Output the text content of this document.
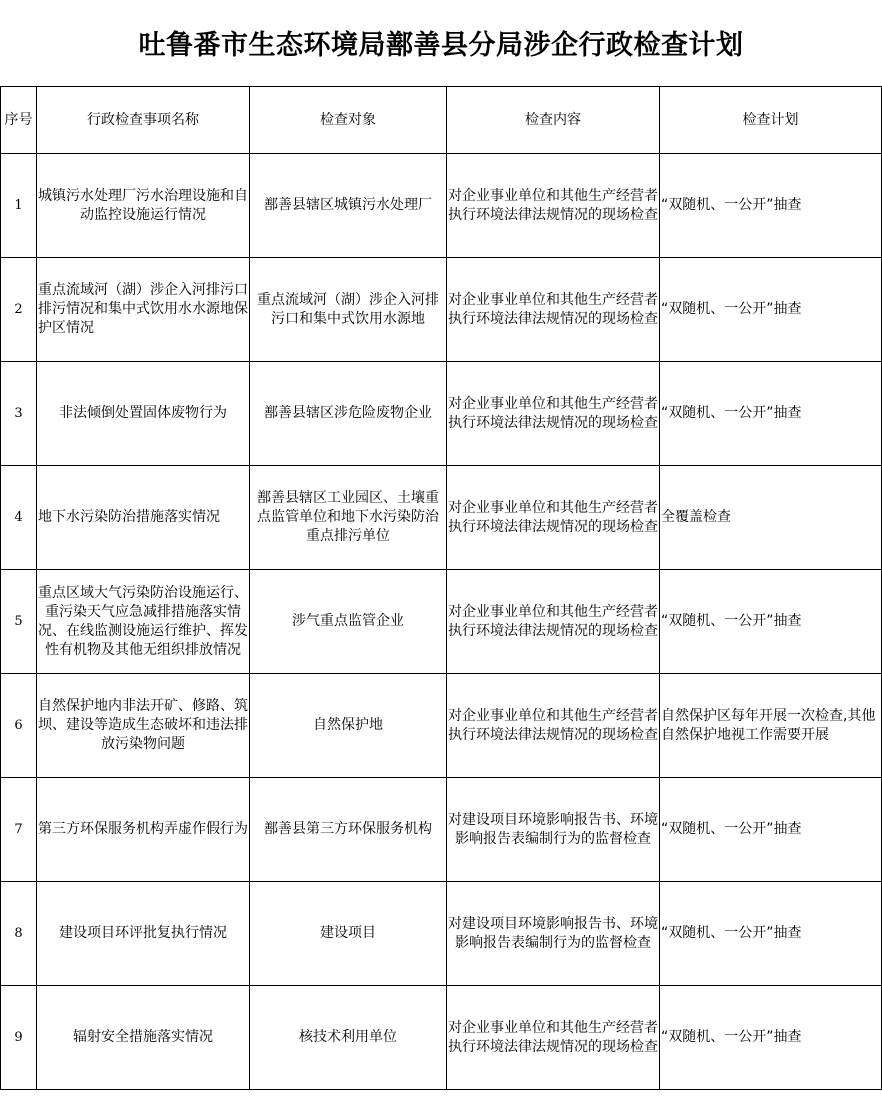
吐鲁番市生态环境局鄯善县分局涉企行政检查计划
序号	行政检查事项名称	检查对象	检查内容	检查计划
1	城镇污水处理厂污水治理设施和自动监控设施运行情况	鄯善县辖区城镇污水处理厂	对企业事业单位和其他生产经营者执行环境法律法规情况的现场检查	“双随机、一公开”抽查
2	重点流域河（湖）涉企入河排污口排污情况和集中式饮用水水源地保护区情况	重点流域河（湖）涉企入河排污口和集中式饮用水源地	对企业事业单位和其他生产经营者执行环境法律法规情况的现场检查	“双随机、一公开”抽查
3	非法倾倒处置固体废物行为	鄯善县辖区涉危险废物企业	对企业事业单位和其他生产经营者执行环境法律法规情况的现场检查	“双随机、一公开”抽查
4	地下水污染防治措施落实情况	鄯善县辖区工业园区、土壤重点监管单位和地下水污染防治重点排污单位	对企业事业单位和其他生产经营者执行环境法律法规情况的现场检查	全覆盖检查
5	重点区域大气污染防治设施运行、重污染天气应急减排措施落实情况、在线监测设施运行维护、挥发性有机物及其他无组织排放情况	涉气重点监管企业	对企业事业单位和其他生产经营者执行环境法律法规情况的现场检查	“双随机、一公开”抽查
6	自然保护地内非法开矿、修路、筑坝、建设等造成生态破坏和违法排放污染物问题	自然保护地	对企业事业单位和其他生产经营者执行环境法律法规情况的现场检查	自然保护区每年开展一次检查,其他自然保护地视工作需要开展
7	第三方环保服务机构弄虚作假行为	鄯善县第三方环保服务机构	对建设项目环境影响报告书、环境影响报告表编制行为的监督检查	“双随机、一公开”抽查
8	建设项目环评批复执行情况	建设项目	对建设项目环境影响报告书、环境影响报告表编制行为的监督检查	“双随机、一公开”抽查
9	辐射安全措施落实情况	核技术利用单位	对企业事业单位和其他生产经营者执行环境法律法规情况的现场检查	“双随机、一公开”抽查
